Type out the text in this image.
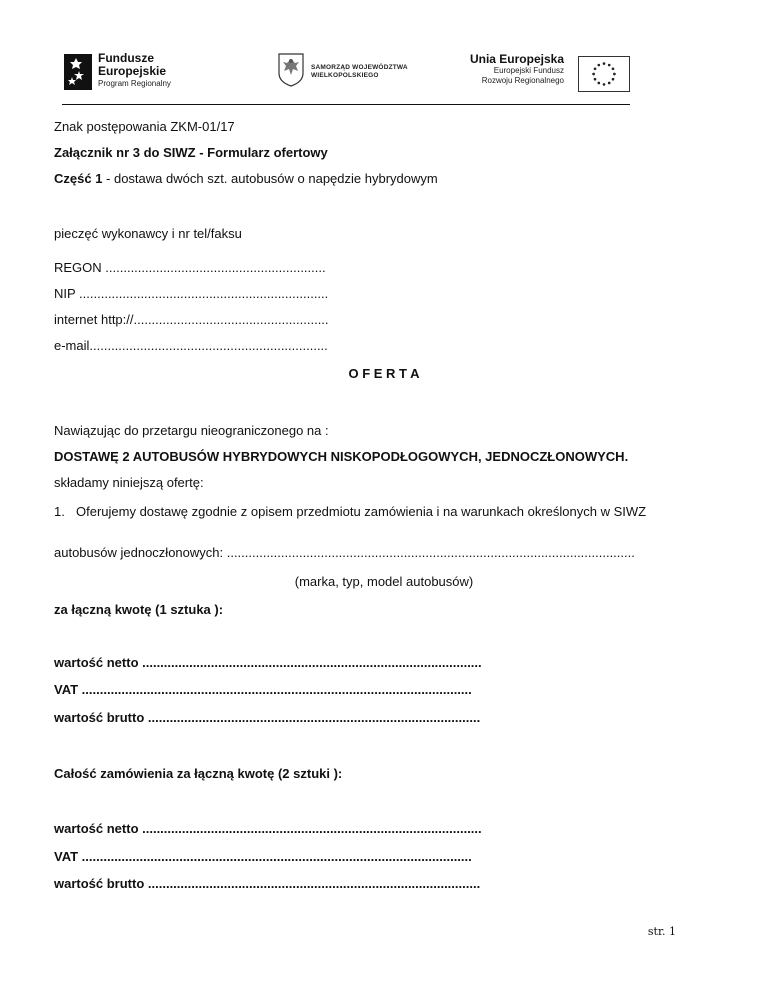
Fundusze
Europejskie
Program Regionalny
SAMORZĄD WOJEWÓDZTWA
WIELKOPOLSKIEGO
Unia Europejska
Europejski Fundusz
Rozwoju Regionalnego
Znak postępowania ZKM-01/17
Załącznik nr 3 do SIWZ - Formularz ofertowy
Część 1 - dostawa dwóch szt. autobusów o napędzie hybrydowym
pieczęć wykonawcy i nr tel/faksu
REGON .............................................................
NIP .....................................................................
internet http://......................................................
e-mail..................................................................
O F E R T A
Nawiązując do przetargu nieograniczonego na :
DOSTAWĘ 2 AUTOBUSÓW HYBRYDOWYCH NISKOPODŁOGOWYCH, JEDNOCZŁONOWYCH.
składamy niniejszą ofertę:
1. Oferujemy dostawę zgodnie z opisem przedmiotu zamówienia i na warunkach określonych w SIWZ
autobusów jednoczłonowych: .................................................................................................................
(marka, typ, model autobusów)
za łączną kwotę (1 sztuka ):
wartość netto ..............................................................................................
VAT ............................................................................................................
wartość brutto ............................................................................................
Całość zamówienia za łączną kwotę (2 sztuki ):
wartość netto ..............................................................................................
VAT ............................................................................................................
wartość brutto ............................................................................................
str. 1
